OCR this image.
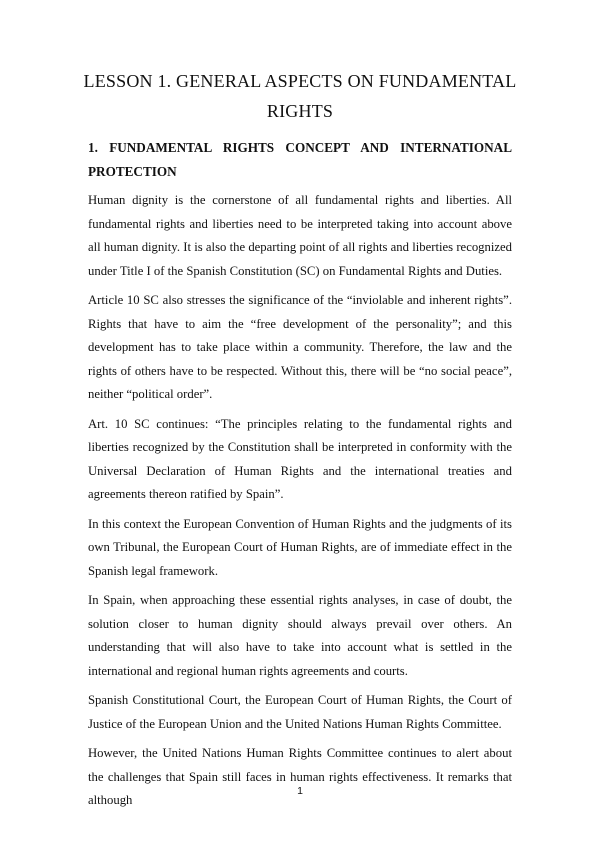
LESSON 1. GENERAL ASPECTS ON FUNDAMENTAL
RIGHTS
1. FUNDAMENTAL RIGHTS CONCEPT AND INTERNATIONAL PROTECTION

Human dignity is the cornerstone of all fundamental rights and liberties. All fundamental rights and liberties need to be interpreted taking into account above all human dignity. It is also the departing point of all rights and liberties recognized under Title I of the Spanish Constitution (SC) on Fundamental Rights and Duties.

Article 10 SC also stresses the significance of the “inviolable and inherent rights”. Rights that have to aim the “free development of the personality”; and this development has to take place within a community. Therefore, the law and the rights of others have to be respected. Without this, there will be “no social peace”, neither “political order”.

Art. 10 SC continues: “The principles relating to the fundamental rights and liberties recognized by the Constitution shall be interpreted in conformity with the Universal Declaration of Human Rights and the international treaties and agreements thereon ratified by Spain”.

In this context the European Convention of Human Rights and the judgments of its own Tribunal, the European Court of Human Rights, are of immediate effect in the Spanish legal framework.

In Spain, when approaching these essential rights analyses, in case of doubt, the solution closer to human dignity should always prevail over others. An understanding that will also have to take into account what is settled in the international and regional human rights agreements and courts.

Spanish Constitutional Court, the European Court of Human Rights, the Court of Justice of the European Union and the United Nations Human Rights Committee.

However, the United Nations Human Rights Committee continues to alert about the challenges that Spain still faces in human rights effectiveness. It remarks that although

1
